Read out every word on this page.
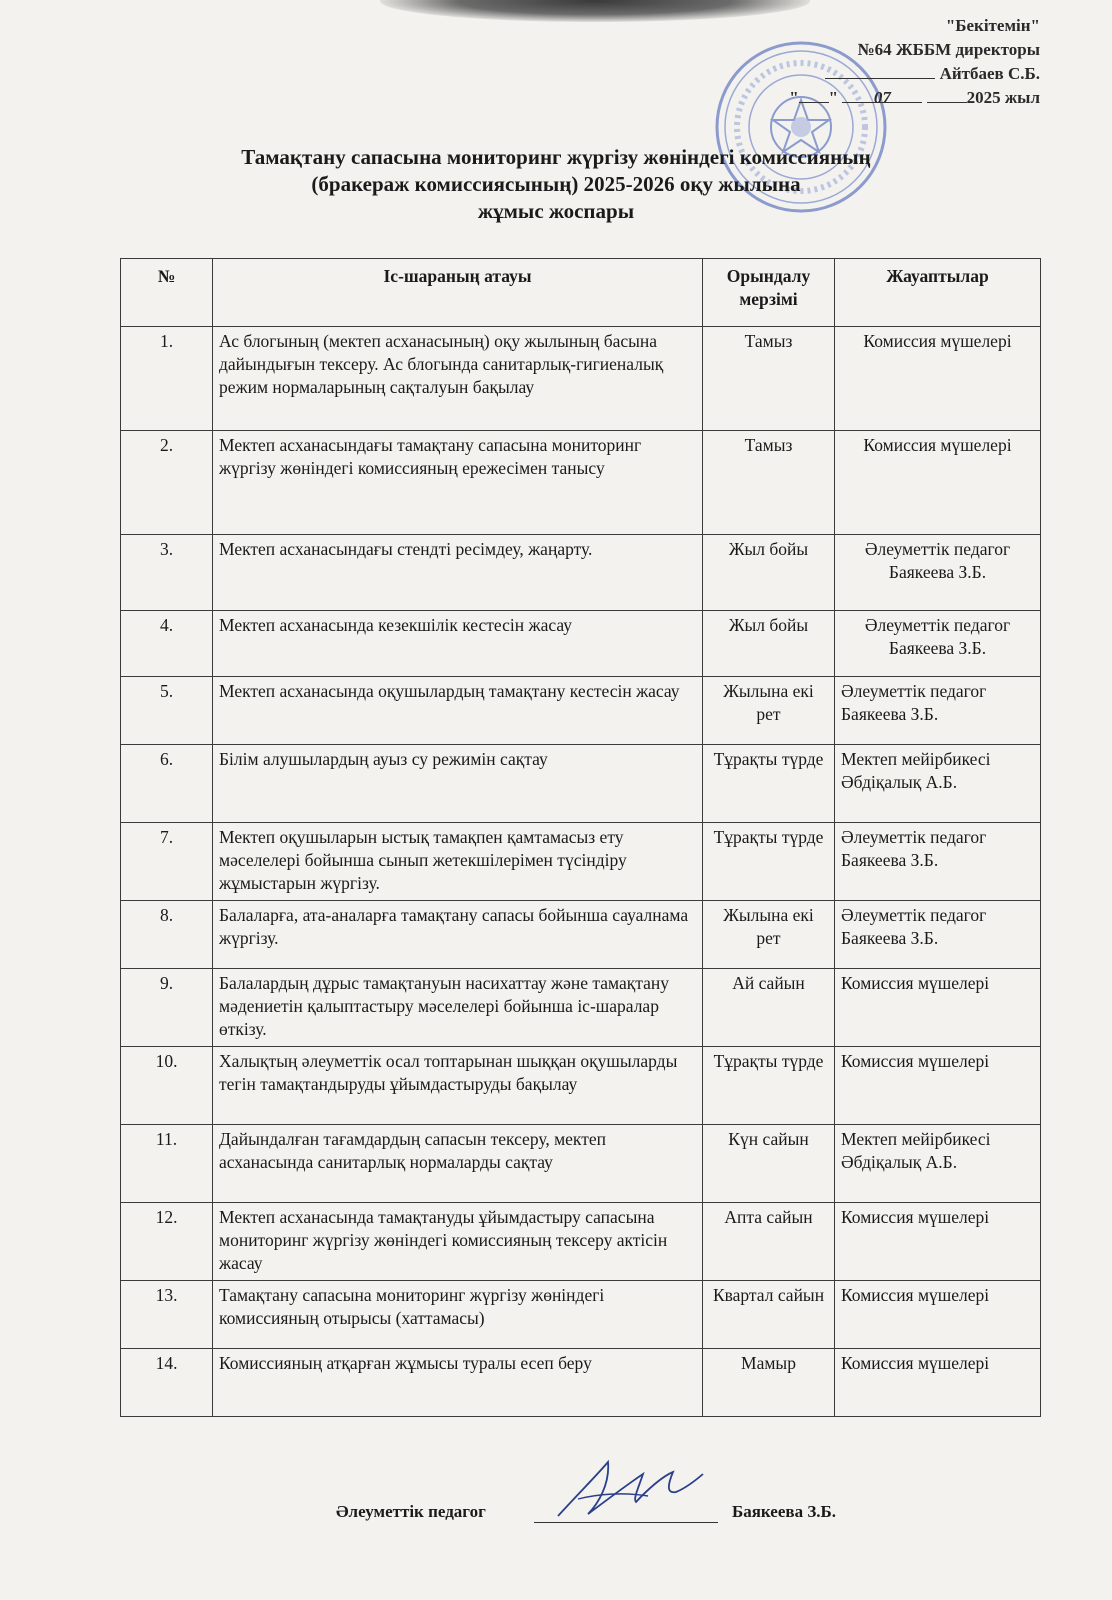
"Бекітемін"
№64 ЖББМ директоры
Айтбаев С.Б.
" " 07	2025 жыл
Тамақтану сапасына мониторинг жүргізу жөніндегі комиссияның
(бракераж комиссиясының) 2025-2026 оқу жылына
жұмыс жоспары
№	Іс-шараның атауы	Орындалу мерзімі	Жауаптылар
1.	Ас блогының (мектеп асханасының) оқу жылының басына дайындығын тексеру. Ас блогында санитарлық-гигиеналық режим нормаларының сақталуын бақылау	Тамыз	Комиссия мүшелері
2.	Мектеп асханасындағы тамақтану сапасына мониторинг жүргізу жөніндегі комиссияның ережесімен танысу	Тамыз	Комиссия мүшелері
3.	Мектеп асханасындағы стендті ресімдеу, жаңарту.	Жыл бойы	Әлеуметтік педагог Баякеева З.Б.
4.	Мектеп асханасында кезекшілік кестесін жасау	Жыл бойы	Әлеуметтік педагог Баякеева З.Б.
5.	Мектеп асханасында оқушылардың тамақтану кестесін жасау	Жылына екі рет	Әлеуметтік педагог Баякеева З.Б.
6.	Білім алушылардың ауыз су режимін сақтау	Тұрақты түрде	Мектеп мейірбикесі Әбдіқалық А.Б.
7.	Мектеп оқушыларын ыстық тамақпен қамтамасыз ету мәселелері бойынша сынып жетекшілерімен түсіндіру жұмыстарын жүргізу.	Тұрақты түрде	Әлеуметтік педагог Баякеева З.Б.
8.	Балаларға, ата-аналарға тамақтану сапасы бойынша сауалнама жүргізу.	Жылына екі рет	Әлеуметтік педагог Баякеева З.Б.
9.	Балалардың дұрыс тамақтануын насихаттау және тамақтану мәдениетін қалыптастыру мәселелері бойынша іс-шаралар өткізу.	Ай сайын	Комиссия мүшелері
10.	Халықтың әлеуметтік осал топтарынан шыққан оқушыларды тегін тамақтандыруды ұйымдастыруды бақылау	Тұрақты түрде	Комиссия мүшелері
11.	Дайындалған тағамдардың сапасын тексеру, мектеп асханасында санитарлық нормаларды сақтау	Күн сайын	Мектеп мейірбикесі Әбдіқалық А.Б.
12.	Мектеп асханасында тамақтануды ұйымдастыру сапасына мониторинг жүргізу жөніндегі комиссияның тексеру актісін жасау	Апта сайын	Комиссия мүшелері
13.	Тамақтану сапасына мониторинг жүргізу жөніндегі комиссияның отырысы (хаттамасы)	Квартал сайын	Комиссия мүшелері
14.	Комиссияның атқарған жұмысы туралы есеп беру	Мамыр	Комиссия мүшелері
Әлеуметтік педагог	Баякеева З.Б.
